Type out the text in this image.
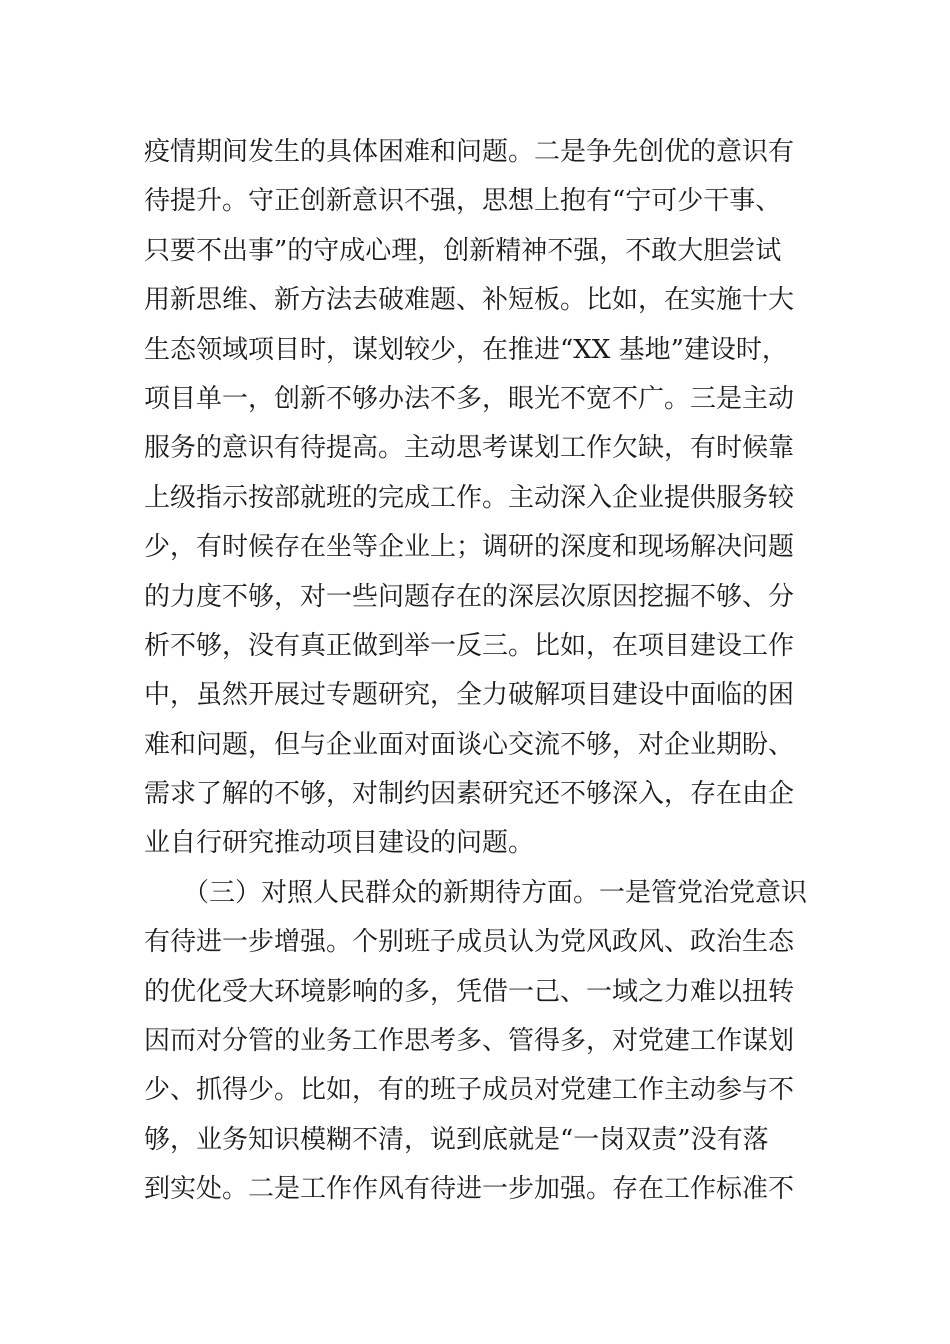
疫情期间发生的具体困难和问题。二是争先创优的意识有
待提升。守正创新意识不强，思想上抱有“宁可少干事、
只要不出事”的守成心理，创新精神不强，不敢大胆尝试
用新思维、新方法去破难题、补短板。比如，在实施十大
生态领域项目时，谋划较少，在推进“XX 基地”建设时，
项目单一，创新不够办法不多，眼光不宽不广。三是主动
服务的意识有待提高。主动思考谋划工作欠缺，有时候靠
上级指示按部就班的完成工作。主动深入企业提供服务较
少，有时候存在坐等企业上；调研的深度和现场解决问题
的力度不够，对一些问题存在的深层次原因挖掘不够、分
析不够，没有真正做到举一反三。比如，在项目建设工作
中，虽然开展过专题研究，全力破解项目建设中面临的困
难和问题，但与企业面对面谈心交流不够，对企业期盼、
需求了解的不够，对制约因素研究还不够深入，存在由企
业自行研究推动项目建设的问题。
　　（三）对照人民群众的新期待方面。一是管党治党意识
有待进一步增强。个别班子成员认为党风政风、政治生态
的优化受大环境影响的多，凭借一己、一域之力难以扭转
因而对分管的业务工作思考多、管得多，对党建工作谋划
少、抓得少。比如，有的班子成员对党建工作主动参与不
够，业务知识模糊不清，说到底就是“一岗双责”没有落
到实处。二是工作作风有待进一步加强。存在工作标准不
